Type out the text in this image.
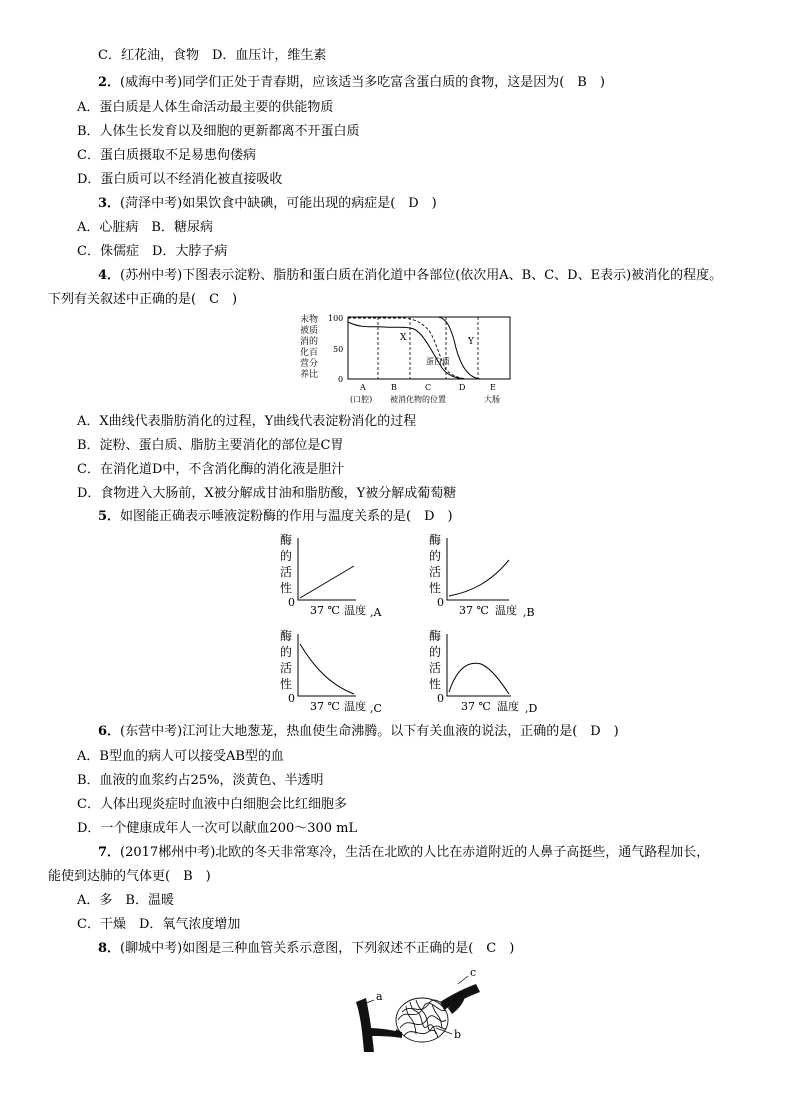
C．红花油，食物　D．血压计，维生素
2．(威海中考)同学们正处于青春期，应该适当多吃富含蛋白质的食物，这是因为(　B　)
A．蛋白质是人体生命活动最主要的供能物质
B．人体生长发育以及细胞的更新都离不开蛋白质
C．蛋白质摄取不足易患佝偻病
D．蛋白质可以不经消化被直接吸收
3．(菏泽中考)如果饮食中缺碘，可能出现的病症是(　D　)
A．心脏病　B．糖尿病
C．侏儒症　D．大脖子病
4．(苏州中考)下图表示淀粉、脂肪和蛋白质在消化道中各部位(依次用A、B、C、D、E表示)被消化的程度。
下列有关叙述中正确的是(　C　)
未物
被质
消的
化百
营分
养比
100
50
0
X	Y
蛋白质
A	B	C	D	E
(口腔) 被消化物的位置	大肠
A．X曲线代表脂肪消化的过程，Y曲线代表淀粉消化的过程
B．淀粉、蛋白质、脂肪主要消化的部位是C胃
C．在消化道D中，不含消化酶的消化液是胆汁
D．食物进入大肠前，X被分解成甘油和脂肪酸，Y被分解成葡萄糖
5．如图能正确表示唾液淀粉酶的作用与温度关系的是(　D　)
酶
的
活
性
0
37 ℃ 温度 ,A
酶
的
活
性
0
37 ℃ 温度 ,B
酶
的
活
性
0
37 ℃ 温度 ,C
酶
的
活
性
0
37 ℃ 温度 ,D
6．(东营中考)江河让大地葱茏，热血使生命沸腾。以下有关血液的说法，正确的是(　D　)
A．B型血的病人可以接受AB型的血
B．血液的血浆约占25%，淡黄色、半透明
C．人体出现炎症时血液中白细胞会比红细胞多
D．一个健康成年人一次可以献血200～300 mL
7．(2017郴州中考)北欧的冬天非常寒冷，生活在北欧的人比在赤道附近的人鼻子高挺些，通气路程加长，
能使到达肺的气体更(　B　)
A．多　B．温暖
C．干燥　D．氧气浓度增加
8．(聊城中考)如图是三种血管关系示意图，下列叙述不正确的是(　C　)
a
b
c
